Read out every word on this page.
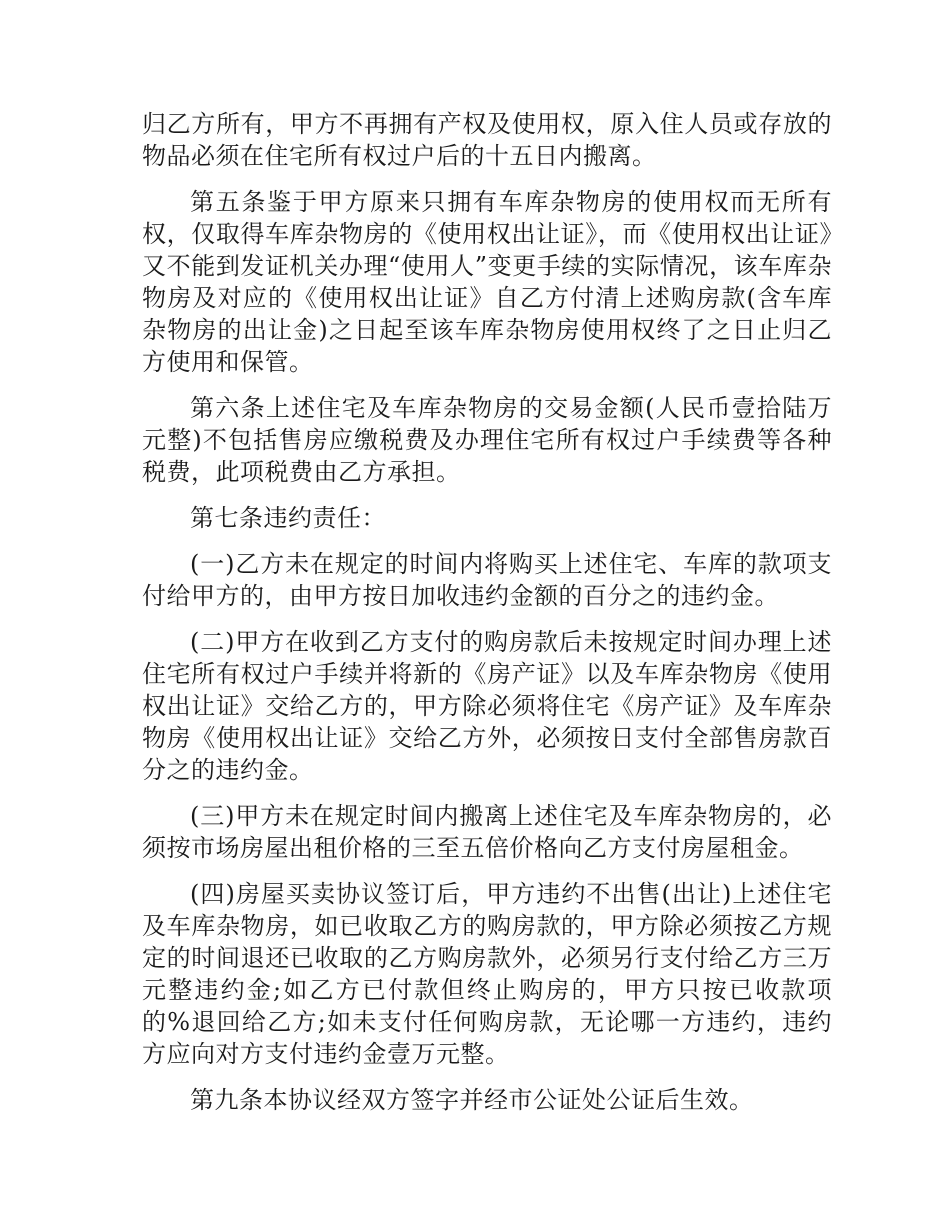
归乙方所有，甲方不再拥有产权及使用权，原入住人员或存放的物品必须在住宅所有权过户后的十五日内搬离。

第五条鉴于甲方原来只拥有车库杂物房的使用权而无所有权，仅取得车库杂物房的《使用权出让证》，而《使用权出让证》又不能到发证机关办理“使用人”变更手续的实际情况，该车库杂物房及对应的《使用权出让证》自乙方付清上述购房款(含车库杂物房的出让金)之日起至该车库杂物房使用权终了之日止归乙方使用和保管。

第六条上述住宅及车库杂物房的交易金额(人民币壹拾陆万元整)不包括售房应缴税费及办理住宅所有权过户手续费等各种税费，此项税费由乙方承担。

第七条违约责任：

(一)乙方未在规定的时间内将购买上述住宅、车库的款项支付给甲方的，由甲方按日加收违约金额的百分之的违约金。

(二)甲方在收到乙方支付的购房款后未按规定时间办理上述住宅所有权过户手续并将新的《房产证》以及车库杂物房《使用权出让证》交给乙方的，甲方除必须将住宅《房产证》及车库杂物房《使用权出让证》交给乙方外，必须按日支付全部售房款百分之的违约金。

(三)甲方未在规定时间内搬离上述住宅及车库杂物房的，必须按市场房屋出租价格的三至五倍价格向乙方支付房屋租金。

(四)房屋买卖协议签订后，甲方违约不出售(出让)上述住宅及车库杂物房，如已收取乙方的购房款的，甲方除必须按乙方规定的时间退还已收取的乙方购房款外，必须另行支付给乙方三万元整违约金;如乙方已付款但终止购房的，甲方只按已收款项的%退回给乙方;如未支付任何购房款，无论哪一方违约，违约方应向对方支付违约金壹万元整。

第九条本协议经双方签字并经市公证处公证后生效。
